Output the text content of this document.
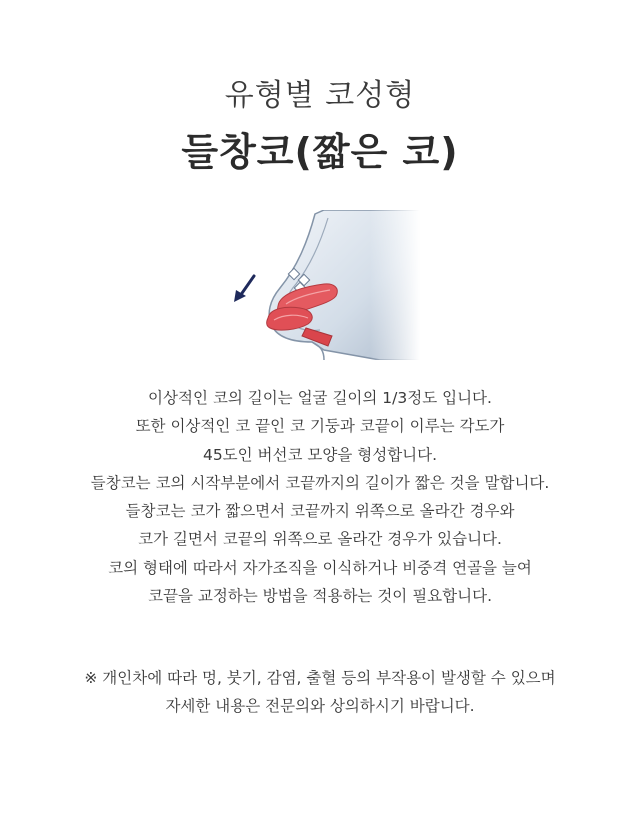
유형별 코성형
들창코(짧은 코)
이상적인 코의 길이는 얼굴 길이의 1/3정도 입니다.
또한 이상적인 코 끝인 코 기둥과 코끝이 이루는 각도가
45도인 버선코 모양을 형성합니다.
들창코는 코의 시작부분에서 코끝까지의 길이가 짧은 것을 말합니다.
들창코는 코가 짧으면서 코끝까지 위쪽으로 올라간 경우와
코가 길면서 코끝의 위쪽으로 올라간 경우가 있습니다.
코의 형태에 따라서 자가조직을 이식하거나 비중격 연골을 늘여
코끝을 교정하는 방법을 적용하는 것이 필요합니다.
※ 개인차에 따라 멍, 붓기, 감염, 출혈 등의 부작용이 발생할 수 있으며
자세한 내용은 전문의와 상의하시기 바랍니다.
